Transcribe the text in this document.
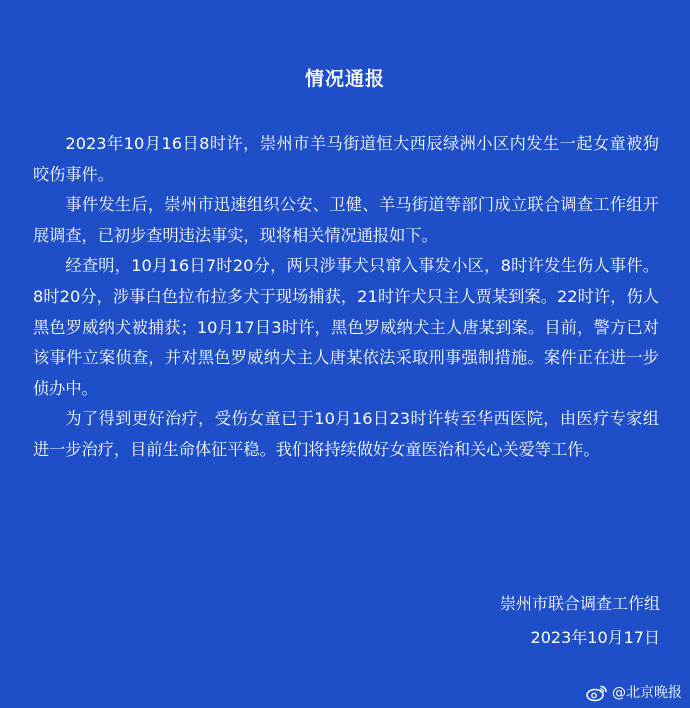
情况通报

2023年10月16日8时许，崇州市羊马街道恒大西辰绿洲小区内发生一起女童被狗咬伤事件。

事件发生后，崇州市迅速组织公安、卫健、羊马街道等部门成立联合调查工作组开展调查，已初步查明违法事实，现将相关情况通报如下。

经查明，10月16日7时20分，两只涉事犬只窜入事发小区，8时许发生伤人事件。8时20分，涉事白色拉布拉多犬于现场捕获，21时许犬只主人贾某到案。22时许，伤人黑色罗威纳犬被捕获；10月17日3时许，黑色罗威纳犬主人唐某到案。目前，警方已对该事件立案侦查，并对黑色罗威纳犬主人唐某依法采取刑事强制措施。案件正在进一步侦办中。

为了得到更好治疗，受伤女童已于10月16日23时许转至华西医院，由医疗专家组进一步治疗，目前生命体征平稳。我们将持续做好女童医治和关心关爱等工作。

崇州市联合调查工作组
2023年10月17日
@北京晚报
